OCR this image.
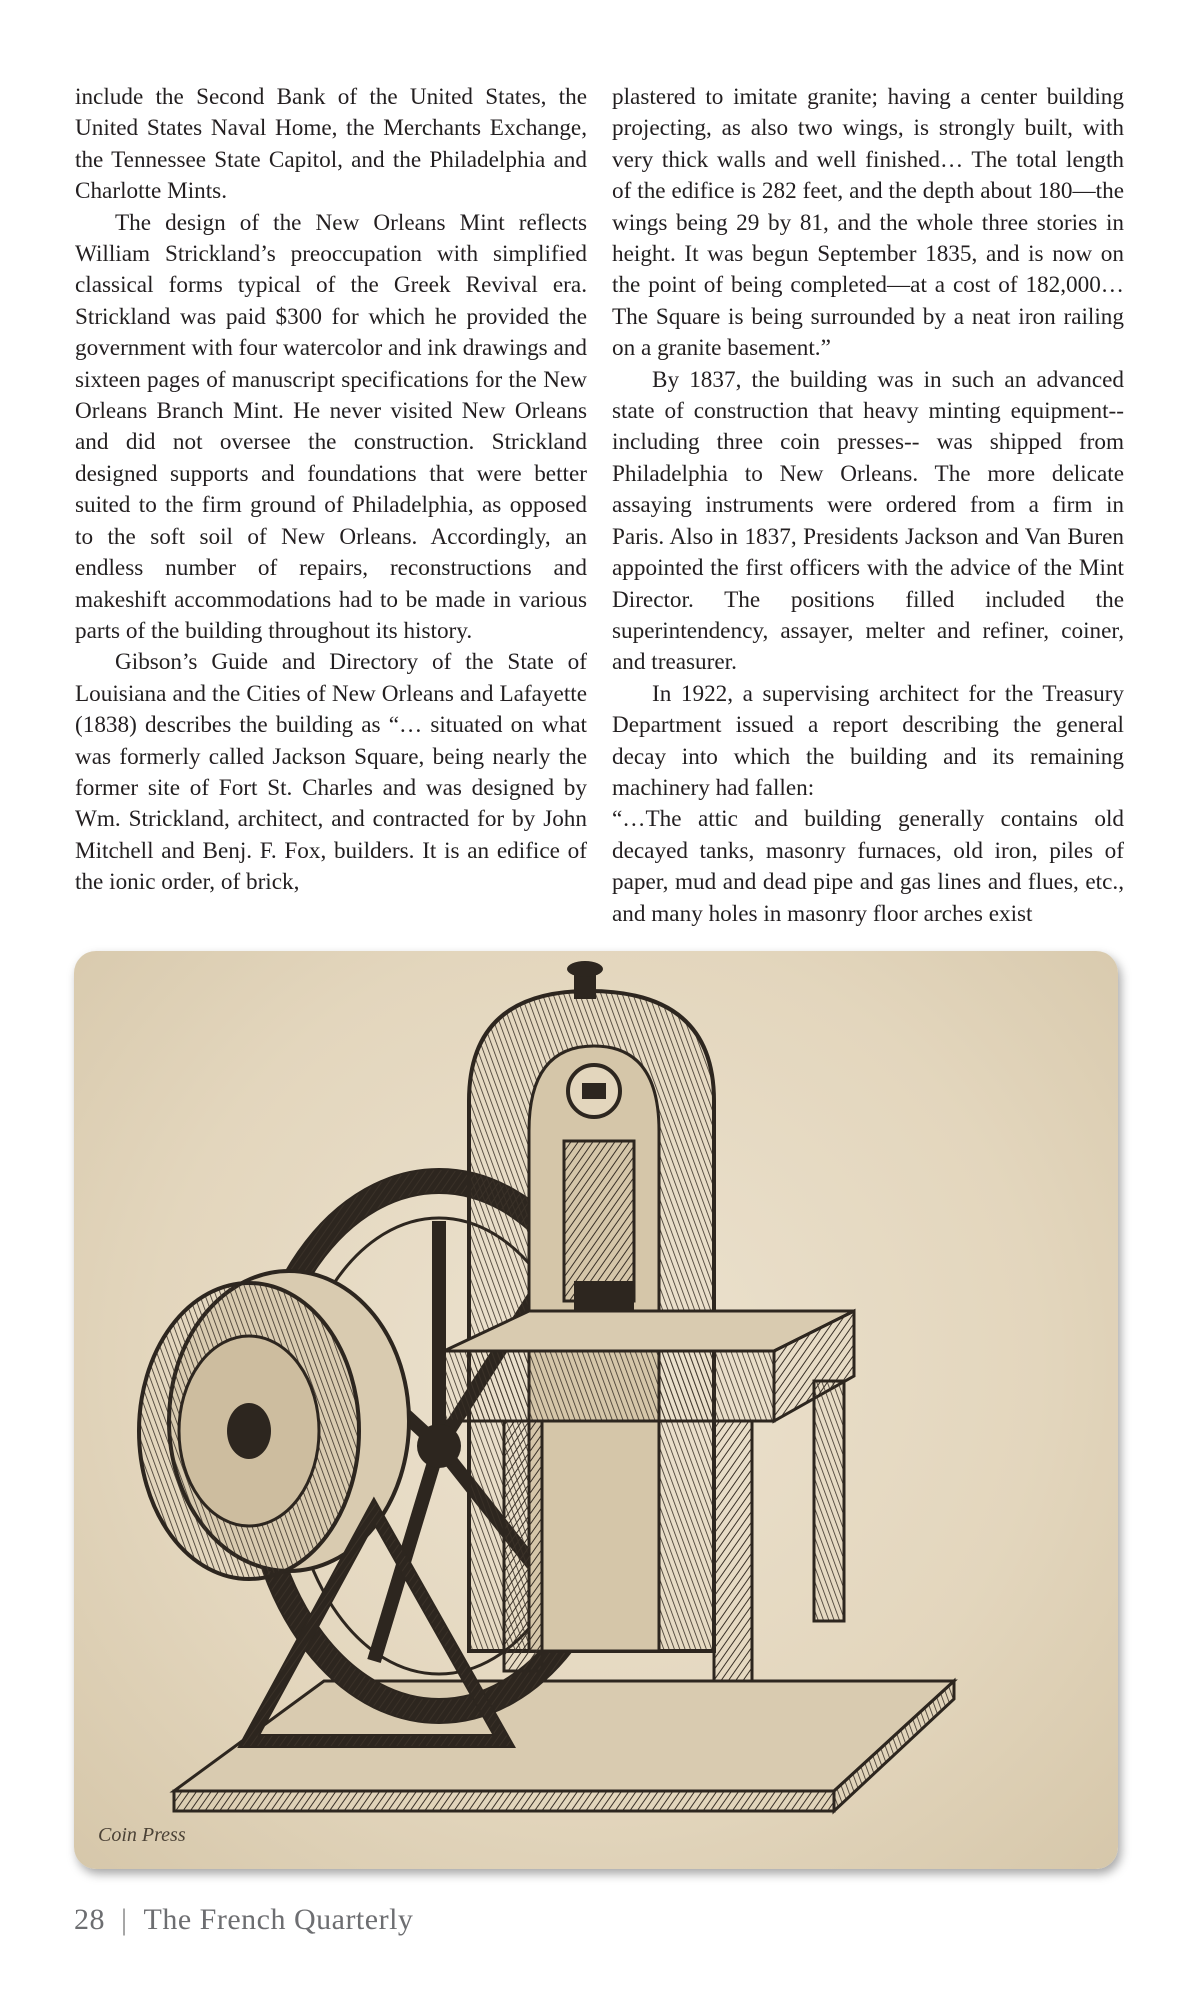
include the Second Bank of the United States, the United States Naval Home, the Merchants Exchange, the Tennessee State Capitol, and the Philadelphia and Charlotte Mints.

The design of the New Orleans Mint reflects William Strickland’s preoccupation with simplified classical forms typical of the Greek Revival era. Strickland was paid $300 for which he provided the government with four watercolor and ink drawings and sixteen pages of manuscript specifications for the New Orleans Branch Mint. He never visited New Orleans and did not oversee the construction. Strickland designed supports and foundations that were better suited to the firm ground of Philadelphia, as opposed to the soft soil of New Orleans. Accordingly, an endless number of repairs, reconstructions and makeshift accommodations had to be made in various parts of the building throughout its history.

Gibson’s Guide and Directory of the State of Louisiana and the Cities of New Orleans and Lafayette (1838) describes the building as “… situated on what was formerly called Jackson Square, being nearly the former site of Fort St. Charles and was designed by Wm. Strickland, architect, and contracted for by John Mitchell and Benj. F. Fox, builders. It is an edifice of the ionic order, of brick,

plastered to imitate granite; having a center building projecting, as also two wings, is strongly built, with very thick walls and well finished… The total length of the edifice is 282 feet, and the depth about 180—the wings being 29 by 81, and the whole three stories in height. It was begun September 1835, and is now on the point of being completed—at a cost of 182,000… The Square is being surrounded by a neat iron railing on a granite basement.”

By 1837, the building was in such an advanced state of construction that heavy minting equipment-- including three coin presses-- was shipped from Philadelphia to New Orleans. The more delicate assaying instruments were ordered from a firm in Paris. Also in 1837, Presidents Jackson and Van Buren appointed the first officers with the advice of the Mint Director. The positions filled included the superintendency, assayer, melter and refiner, coiner, and treasurer.

In 1922, a supervising architect for the Treasury Department issued a report describing the general decay into which the building and its remaining machinery had fallen:

“…The attic and building generally contains old decayed tanks, masonry furnaces, old iron, piles of paper, mud and dead pipe and gas lines and flues, etc., and many holes in masonry floor arches exist

Coin Press
28 | The French Quarterly
